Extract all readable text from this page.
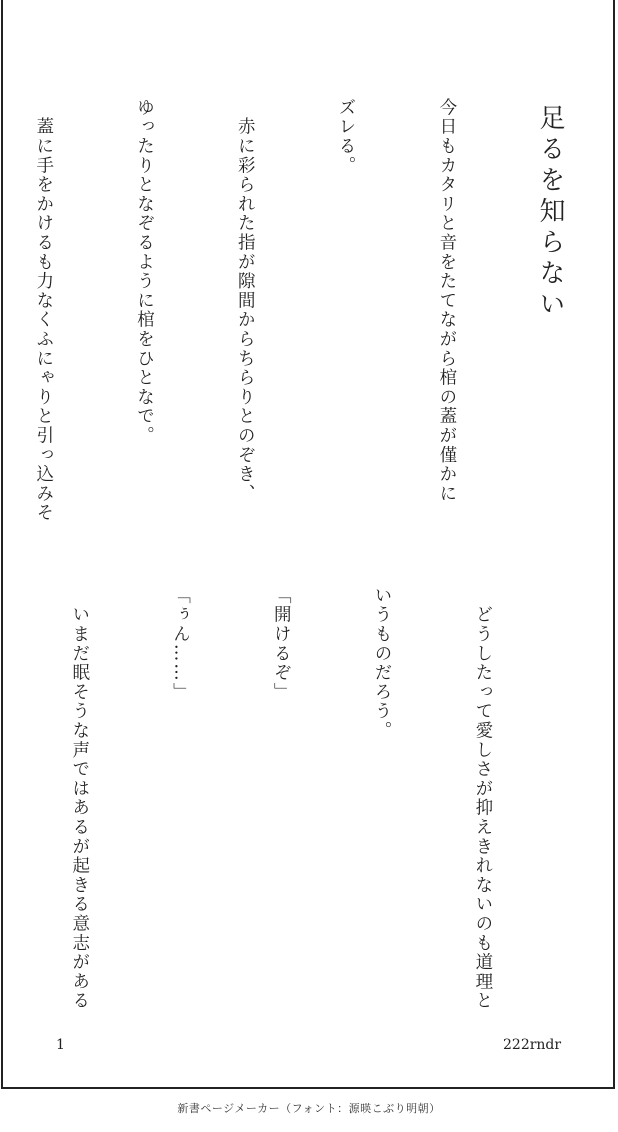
足るを知らない

今日もカタリと音をたてながら棺の蓋が僅かに

ズレる。

　赤に彩られた指が隙間からちらりとのぞき、

ゆったりとなぞるように棺をひとなで。

　蓋に手をかけるも力なくふにゃりと引っ込みそ

　どうしたって愛しさが抑えきれないのも道理と

いうものだろう。

「開けるぞ」

「ぅん……」

　いまだ眠そうな声ではあるが起きる意志がある

1	222rndr
新書ページメーカー（フォント：源暎こぶり明朝）
